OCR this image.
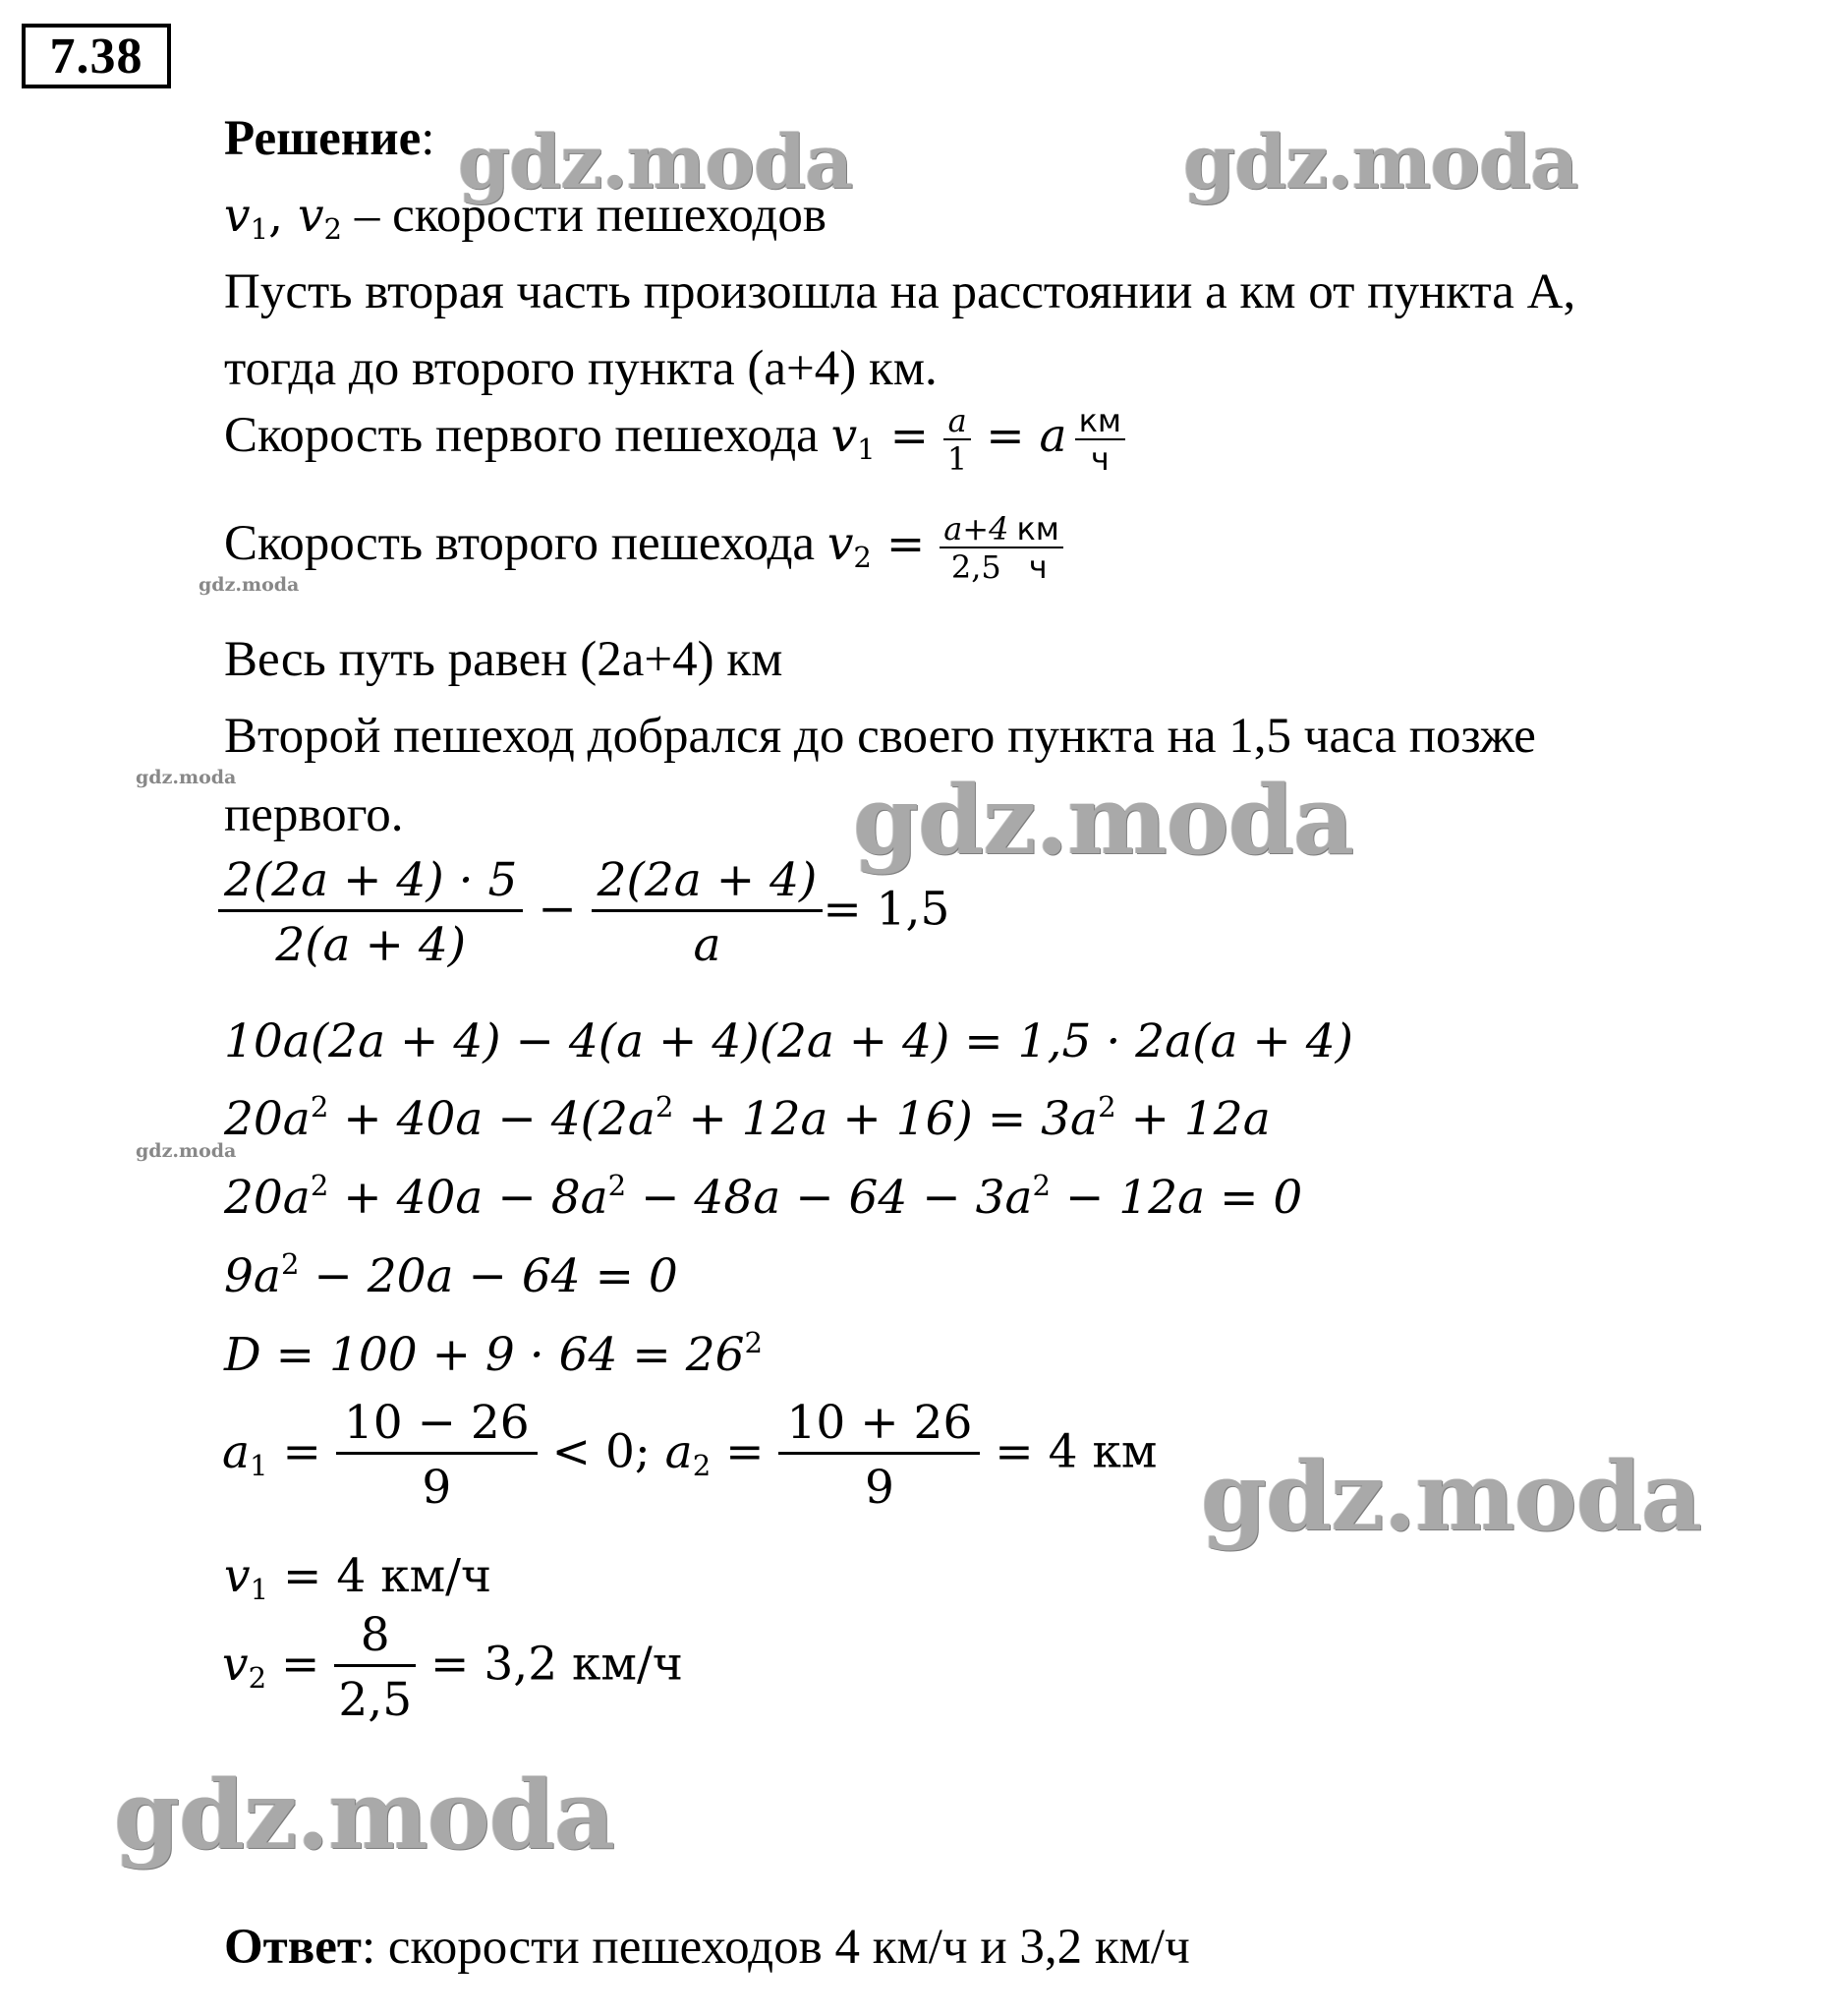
7.38
Решение:
$v_1$, $v_2$ – скорости пешеходов
Пусть вторая часть произошла на расстоянии а км от пункта А,
тогда до второго пункта (а+4) км.
Скорость первого пешехода $v_1 = \frac{a}{1} = a \frac{км}{ч}$
Скорость второго пешехода $v_2 = \frac{a+4}{2,5} \frac{км}{ч}$
Весь путь равен (2а+4) км
Второй пешеход добрался до своего пункта на 1,5 часа позже
первого.
$\frac{2(2a + 4) \cdot 5}{2(a + 4)} - \frac{2(2a + 4)}{a} = 1,5$
10a(2a + 4) − 4(a + 4)(2a + 4) = 1,5 · 2a(a + 4)
$20a^2 + 40a - 4(2a^2 + 12a + 16) = 3a^2 + 12a$
$20a^2 + 40a - 8a^2 - 48a - 64 - 3a^2 - 12a = 0$
$9a^2 - 20a - 64 = 0$
$D = 100 + 9 \cdot 64 = 26^2$
$a_1 = \frac{10 - 26}{9} < 0$; $a_2 = \frac{10 + 26}{9} = 4$ км
$v_1 = 4$ км/ч
$v_2 = \frac{8}{2,5} = 3,2$ км/ч
Ответ: скорости пешеходов 4 км/ч и 3,2 км/ч
gdz.moda	gdz.moda
gdz.moda
gdz.moda	gdz.moda
gdz.moda
gdz.moda
gdz.moda
